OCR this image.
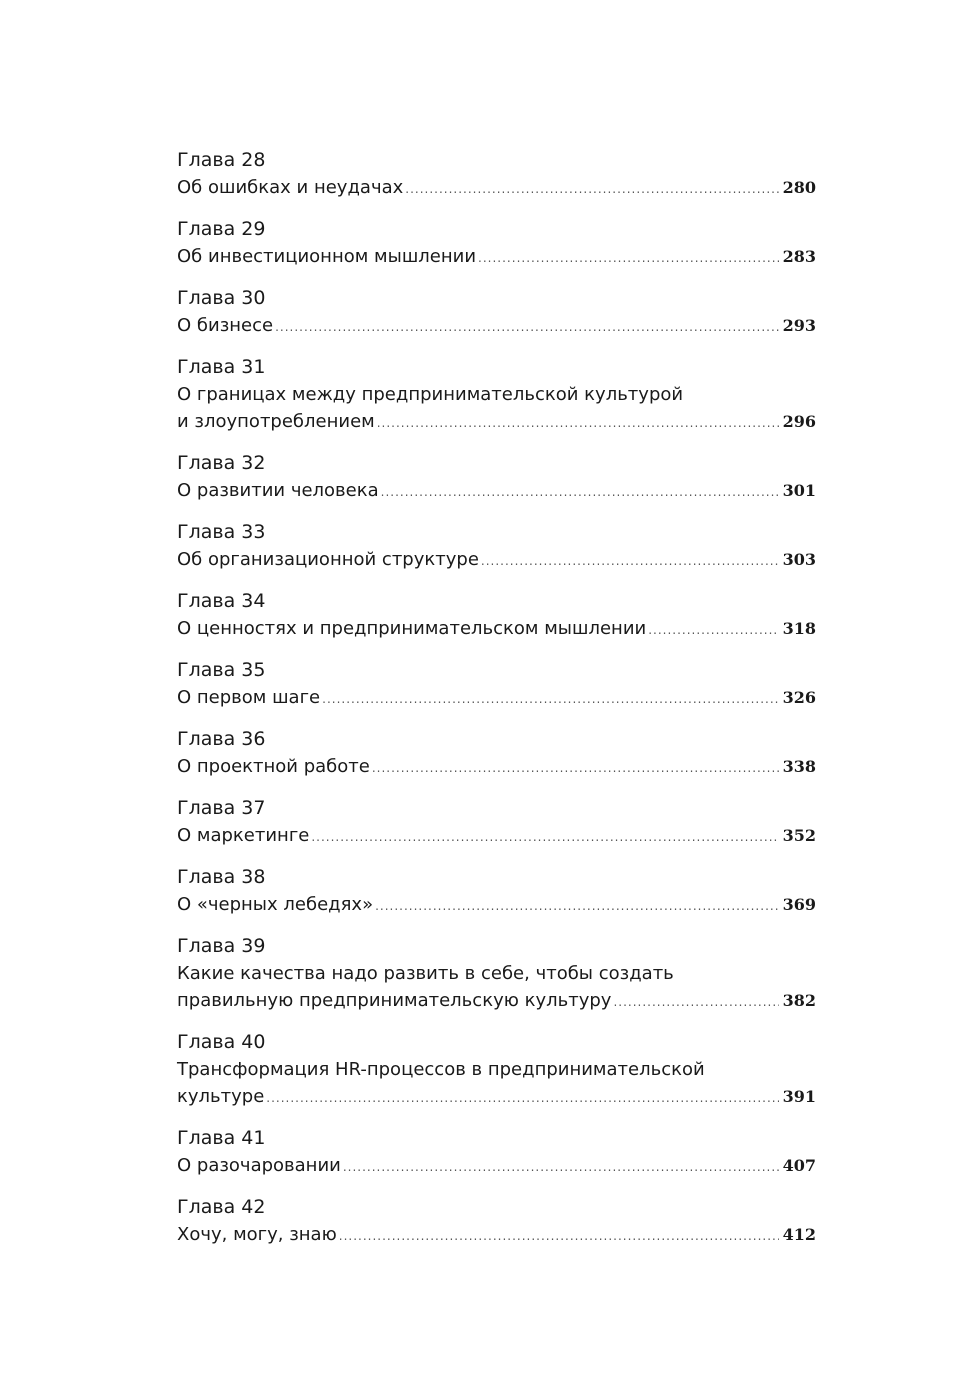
Глава 28
Об ошибках и неудачах .....	280
Глава 29
Об инвестиционном мышлении .....	283
Глава 30
О бизнесе .....	293
Глава 31
О границах между предпринимательской культурой
и злоупотреблением .....	296
Глава 32
О развитии человека .....	301
Глава 33
Об организационной структуре .....	303
Глава 34
О ценностях и предпринимательском мышлении .....	318
Глава 35
О первом шаге .....	326
Глава 36
О проектной работе .....	338
Глава 37
О маркетинге .....	352
Глава 38
О «черных лебедях» .....	369
Глава 39
Какие качества надо развить в себе, чтобы создать
правильную предпринимательскую культуру .....	382
Глава 40
Трансформация HR-процессов в предпринимательской
культуре .....	391
Глава 41
О разочаровании .....	407
Глава 42
Хочу, могу, знаю .....	412
